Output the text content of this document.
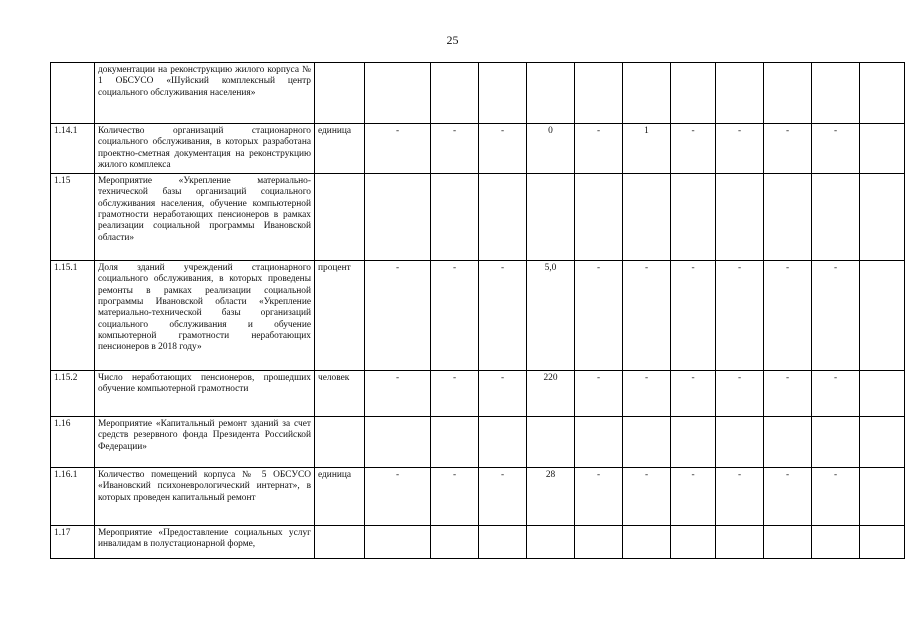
25
	документации на реконструкцию жилого корпуса № 1 ОБСУСО «Шуйский комплексный центр социального обслуживания населения»												
1.14.1	Количество организаций стационарного социального обслуживания, в которых разработана проектно-сметная документация на реконструкцию жилого комплекса	единица	-	-	-	0	-	1	-	-	-	-	
1.15	Мероприятие «Укрепление материально-технической базы организаций социального обслуживания населения, обучение компьютерной грамотности неработающих пенсионеров в рамках реализации социальной программы Ивановской области»												
1.15.1	Доля зданий учреждений стационарного социального обслуживания, в которых проведены ремонты в рамках реализации социальной программы Ивановской области «Укрепление материально-технической базы организаций социального обслуживания и обучение компьютерной грамотности неработающих пенсионеров в 2018 году»	процент	-	-	-	5,0	-	-	-	-	-	-	
1.15.2	Число неработающих пенсионеров, прошедших обучение компьютерной грамотности	человек	-	-	-	220	-	-	-	-	-	-	
1.16	Мероприятие «Капитальный ремонт зданий за счет средств резервного фонда Президента Российской Федерации»												
1.16.1	Количество помещений корпуса № 5 ОБСУСО «Ивановский психоневрологический интернат», в которых проведен капитальный ремонт	единица	-	-	-	28	-	-	-	-	-	-	
1.17	Мероприятие «Предоставление социальных услуг инвалидам в полустационарной форме,												
